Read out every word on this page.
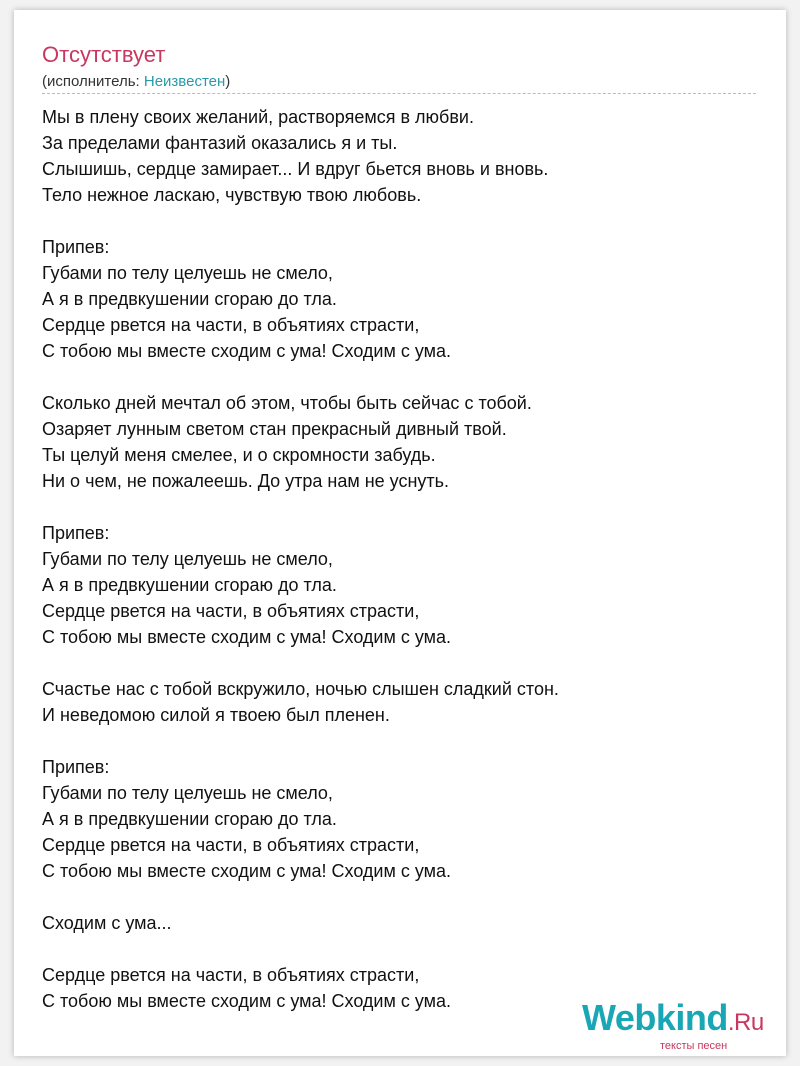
Отсутствует
(исполнитель: Неизвестен)
Мы в плену своих желаний, растворяемся в любви.
За пределами фантазий оказались я и ты.
Слышишь, сердце замирает... И вдруг бьется вновь и вновь.
Тело нежное ласкаю, чувствую твою любовь.
Припев:
Губами по телу целуешь не смело,
А я в предвкушении сгораю до тла.
Сердце рвется на части, в объятиях страсти,
С тобою мы вместе сходим с ума! Сходим с ума.
Сколько дней мечтал об этом, чтобы быть сейчас с тобой.
Озаряет лунным светом стан прекрасный дивный твой.
Ты целуй меня смелее, и о скромности забудь.
Ни о чем, не пожалеешь. До утра нам не уснуть.
Припев:
Губами по телу целуешь не смело,
А я в предвкушении сгораю до тла.
Сердце рвется на части, в объятиях страсти,
С тобою мы вместе сходим с ума! Сходим с ума.
Счастье нас с тобой вскружило, ночью слышен сладкий стон.
И неведомою силой я твоею был пленен.
Припев:
Губами по телу целуешь не смело,
А я в предвкушении сгораю до тла.
Сердце рвется на части, в объятиях страсти,
С тобою мы вместе сходим с ума! Сходим с ума.
Сходим с ума...
Сердце рвется на части, в объятиях страсти,
С тобою мы вместе сходим с ума! Сходим с ума.	Webkind.Ru
тексты песен
